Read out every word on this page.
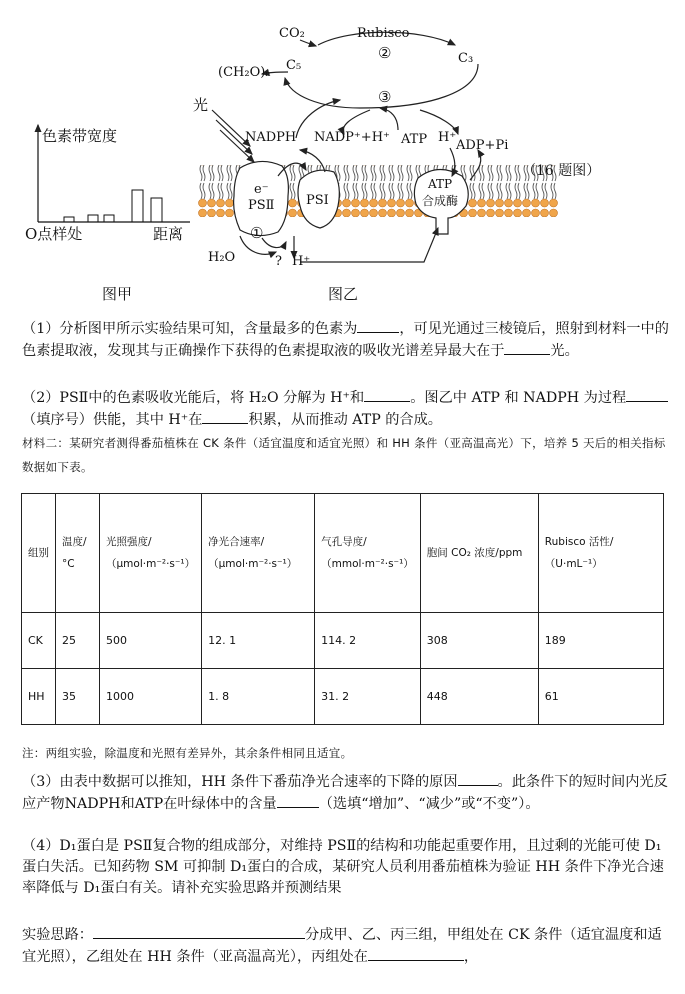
色素带宽度
O点样处	距离
图甲	图乙
（16 题图）
CO₂	Rubisco
②	C₃
(CH₂O)ₙ C₅
③
光
NADPH NADP⁺+H⁺ ATP H⁺
ADP+Pi
e⁻
PSⅡ PSⅠ
ATP
合成酶
①
H₂O	? H⁺
（1）分析图甲所示实验结果可知，含量最多的色素为	，可见光通过三棱镜后，照射到材料一中的色素提取液，发现其与正确操作下获得的色素提取液的吸收光谱差异最大在于	光。
（2）PSⅡ中的色素吸收光能后，将 H₂O 分解为 H⁺和	。图乙中 ATP 和 NADPH 为过程（填序号）供能，其中 H⁺在	积累，从而推动 ATP 的合成。
材料二：某研究者测得番茄植株在 CK 条件（适宜温度和适宜光照）和 HH 条件（亚高温高光）下，培养 5 天后的相关指标数据如下表。
组别	温度/°C	光照强度/（μmol·m⁻²·s⁻¹）	净光合速率/（μmol·m⁻²·s⁻¹）	气孔导度/（mmol·m⁻²·s⁻¹）	胞间 CO₂ 浓度/ppm	Rubisco 活性/（U·mL⁻¹）
CK	25	500	12. 1	114. 2	308	189
HH	35	1000	1. 8	31. 2	448	61
注：两组实验，除温度和光照有差异外，其余条件相同且适宜。
（3）由表中数据可以推知，HH 条件下番茄净光合速率的下降的原因	。此条件下的短时间内光反应产物NADPH和ATP在叶绿体中的含量	（选填“增加”、“减少”或“不变”）。
（4）D₁蛋白是 PSⅡ复合物的组成部分，对维持 PSⅡ的结构和功能起重要作用，且过剩的光能可使 D₁蛋白失活。已知药物 SM 可抑制 D₁蛋白的合成，某研究人员利用番茄植株为验证 HH 条件下净光合速率降低与 D₁蛋白有关。请补充实验思路并预测结果
实验思路：	分成甲、乙、丙三组，甲组处在 CK 条件（适宜温度和适宜光照），乙组处在 HH 条件（亚高温高光），丙组处在	，
